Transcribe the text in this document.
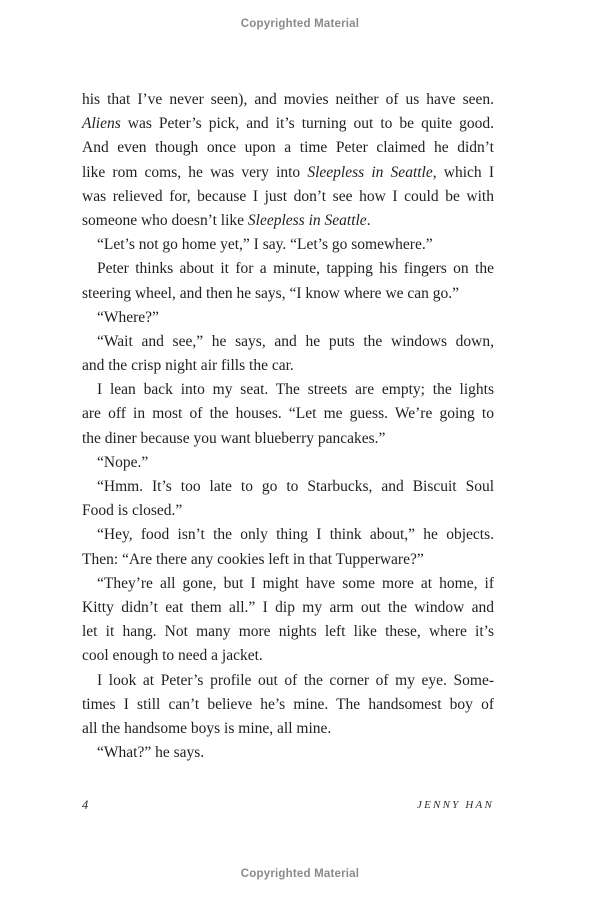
Copyrighted Material
his that I’ve never seen), and movies neither of us have seen.
Aliens was Peter’s pick, and it’s turning out to be quite good.
And even though once upon a time Peter claimed he didn’t
like rom coms, he was very into Sleepless in Seattle, which I
was relieved for, because I just don’t see how I could be with
someone who doesn’t like Sleepless in Seattle.
“Let’s not go home yet,” I say. “Let’s go somewhere.”
Peter thinks about it for a minute, tapping his fingers on the
steering wheel, and then he says, “I know where we can go.”
“Where?”
“Wait and see,” he says, and he puts the windows down,
and the crisp night air fills the car.
I lean back into my seat. The streets are empty; the lights
are off in most of the houses. “Let me guess. We’re going to
the diner because you want blueberry pancakes.”
“Nope.”
“Hmm. It’s too late to go to Starbucks, and Biscuit Soul
Food is closed.”
“Hey, food isn’t the only thing I think about,” he objects.
Then: “Are there any cookies left in that Tupperware?”
“They’re all gone, but I might have some more at home, if
Kitty didn’t eat them all.” I dip my arm out the window and
let it hang. Not many more nights left like these, where it’s
cool enough to need a jacket.
I look at Peter’s profile out of the corner of my eye. Some-
times I still can’t believe he’s mine. The handsomest boy of
all the handsome boys is mine, all mine.
“What?” he says.
4	JENNY HAN
Copyrighted Material
